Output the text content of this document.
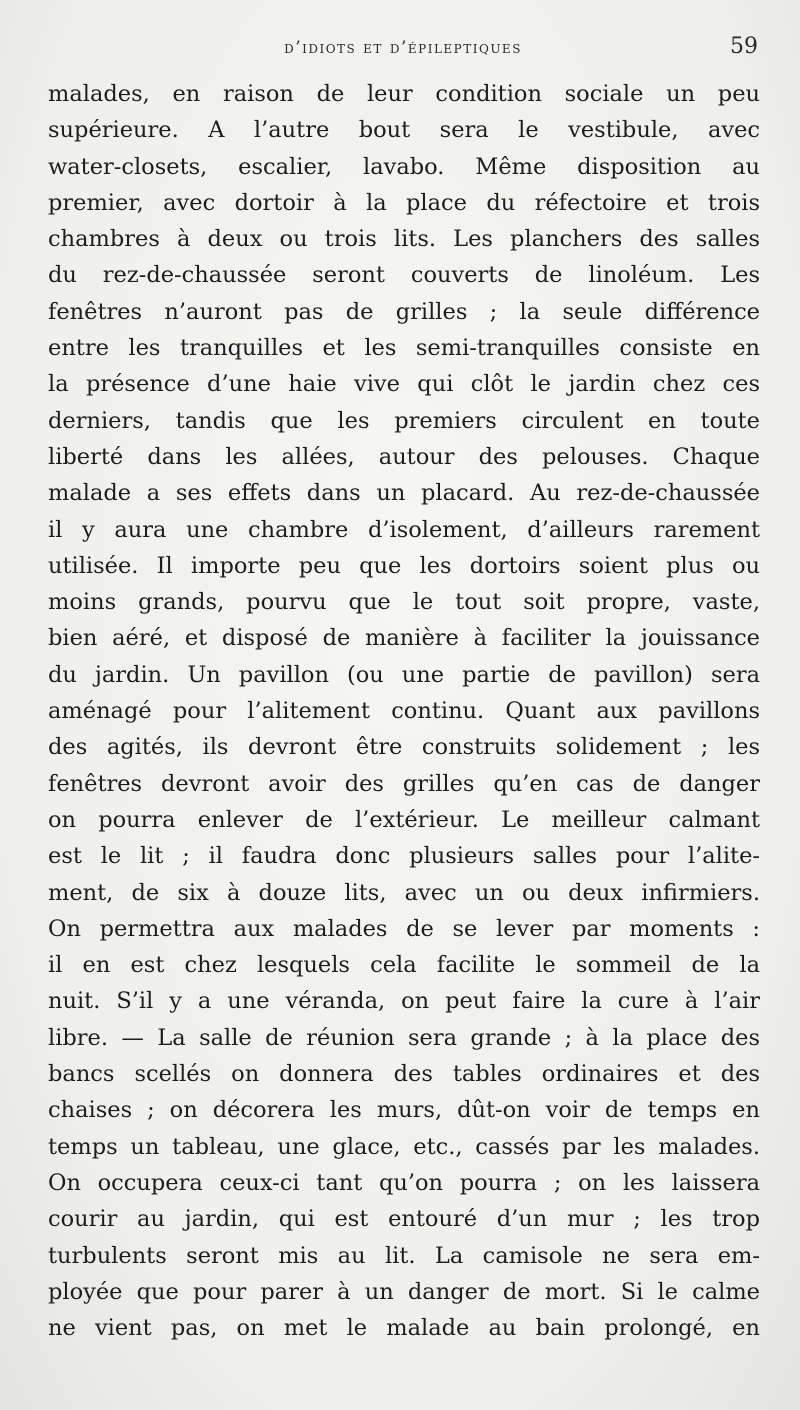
d’idiots et d’épileptiques	59
malades, en raison de leur condition sociale un peu
supérieure. A l’autre bout sera le vestibule, avec
water-closets, escalier, lavabo. Même disposition au
premier, avec dortoir à la place du réfectoire et trois
chambres à deux ou trois lits. Les planchers des salles
du rez-de-chaussée seront couverts de linoléum. Les
fenêtres n’auront pas de grilles ; la seule différence
entre les tranquilles et les semi-tranquilles consiste en
la présence d’une haie vive qui clôt le jardin chez ces
derniers, tandis que les premiers circulent en toute
liberté dans les allées, autour des pelouses. Chaque
malade a ses effets dans un placard. Au rez-de-chaussée
il y aura une chambre d’isolement, d’ailleurs rarement
utilisée. Il importe peu que les dortoirs soient plus ou
moins grands, pourvu que le tout soit propre, vaste,
bien aéré, et disposé de manière à faciliter la jouissance
du jardin. Un pavillon (ou une partie de pavillon) sera
aménagé pour l’alitement continu. Quant aux pavillons
des agités, ils devront être construits solidement ; les
fenêtres devront avoir des grilles qu’en cas de danger
on pourra enlever de l’extérieur. Le meilleur calmant
est le lit ; il faudra donc plusieurs salles pour l’alite-
ment, de six à douze lits, avec un ou deux infirmiers.
On permettra aux malades de se lever par moments :
il en est chez lesquels cela facilite le sommeil de la
nuit. S’il y a une véranda, on peut faire la cure à l’air
libre. — La salle de réunion sera grande ; à la place des
bancs scellés on donnera des tables ordinaires et des
chaises ; on décorera les murs, dût-on voir de temps en
temps un tableau, une glace, etc., cassés par les malades.
On occupera ceux-ci tant qu’on pourra ; on les laissera
courir au jardin, qui est entouré d’un mur ; les trop
turbulents seront mis au lit. La camisole ne sera em-
ployée que pour parer à un danger de mort. Si le calme
ne vient pas, on met le malade au bain prolongé, en
